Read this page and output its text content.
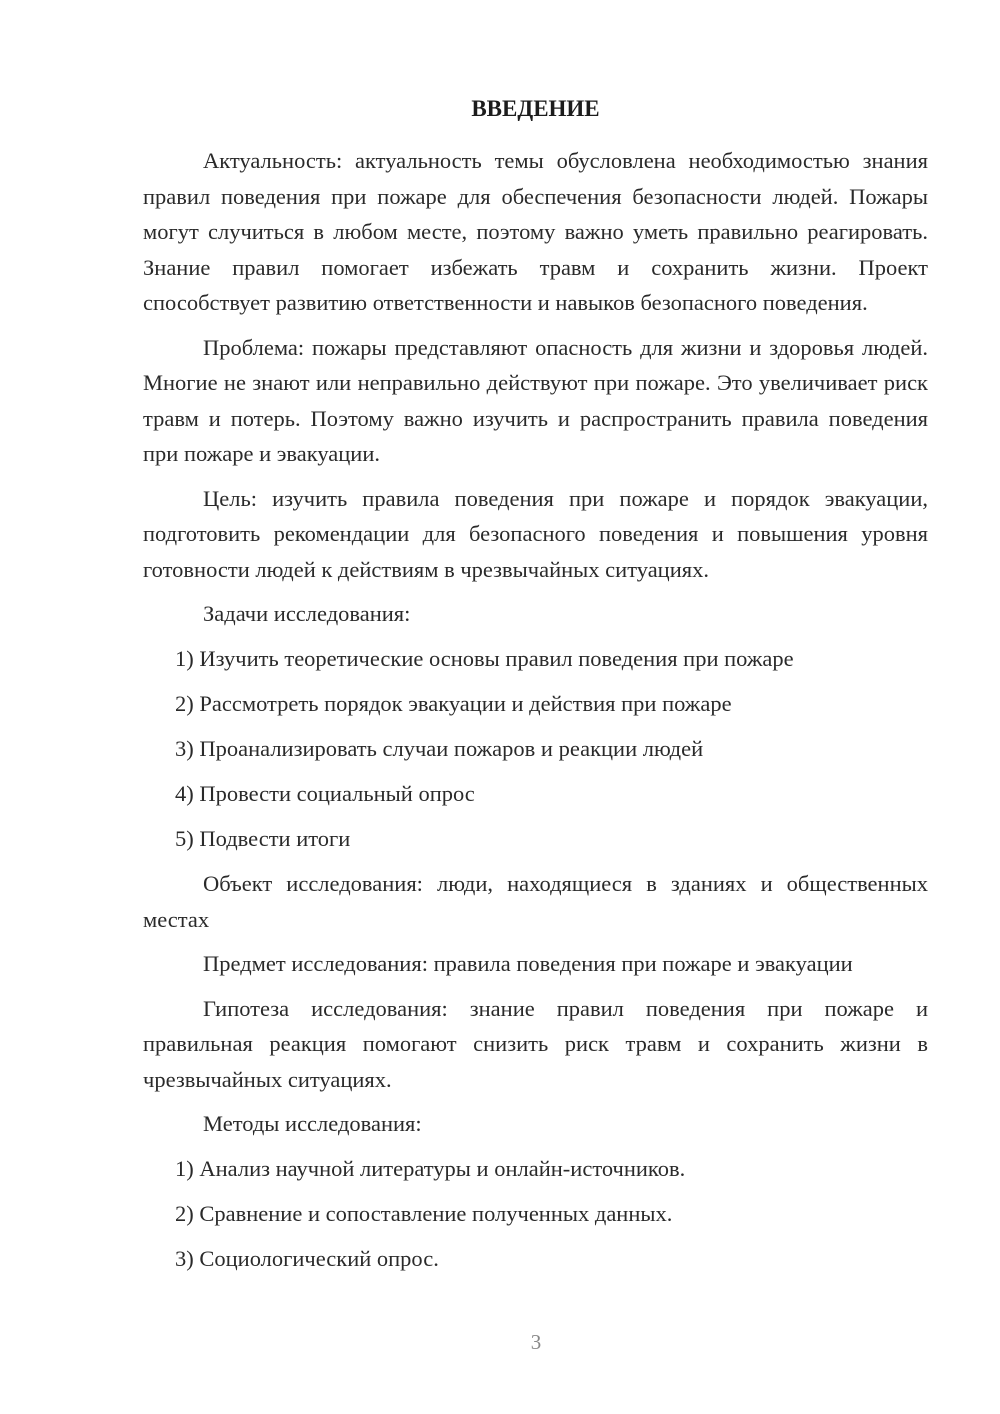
ВВЕДЕНИЕ

Актуальность: актуальность темы обусловлена необходимостью знания правил поведения при пожаре для обеспечения безопасности людей. Пожары могут случиться в любом месте, поэтому важно уметь правильно реагировать. Знание правил помогает избежать травм и сохранить жизни. Проект способствует развитию ответственности и навыков безопасного поведения.

Проблема: пожары представляют опасность для жизни и здоровья людей. Многие не знают или неправильно действуют при пожаре. Это увеличивает риск травм и потерь. Поэтому важно изучить и распространить правила поведения при пожаре и эвакуации.

Цель: изучить правила поведения при пожаре и порядок эвакуации, подготовить рекомендации для безопасного поведения и повышения уровня готовности людей к действиям в чрезвычайных ситуациях.

Задачи исследования:
1) Изучить теоретические основы правил поведения при пожаре
2) Рассмотреть порядок эвакуации и действия при пожаре
3) Проанализировать случаи пожаров и реакции людей
4) Провести социальный опрос
5) Подвести итоги

Объект исследования: люди, находящиеся в зданиях и общественных местах

Предмет исследования: правила поведения при пожаре и эвакуации

Гипотеза исследования: знание правил поведения при пожаре и правильная реакция помогают снизить риск травм и сохранить жизни в чрезвычайных ситуациях.

Методы исследования:
1) Анализ научной литературы и онлайн-источников.
2) Сравнение и сопоставление полученных данных.
3) Социологический опрос.
3
